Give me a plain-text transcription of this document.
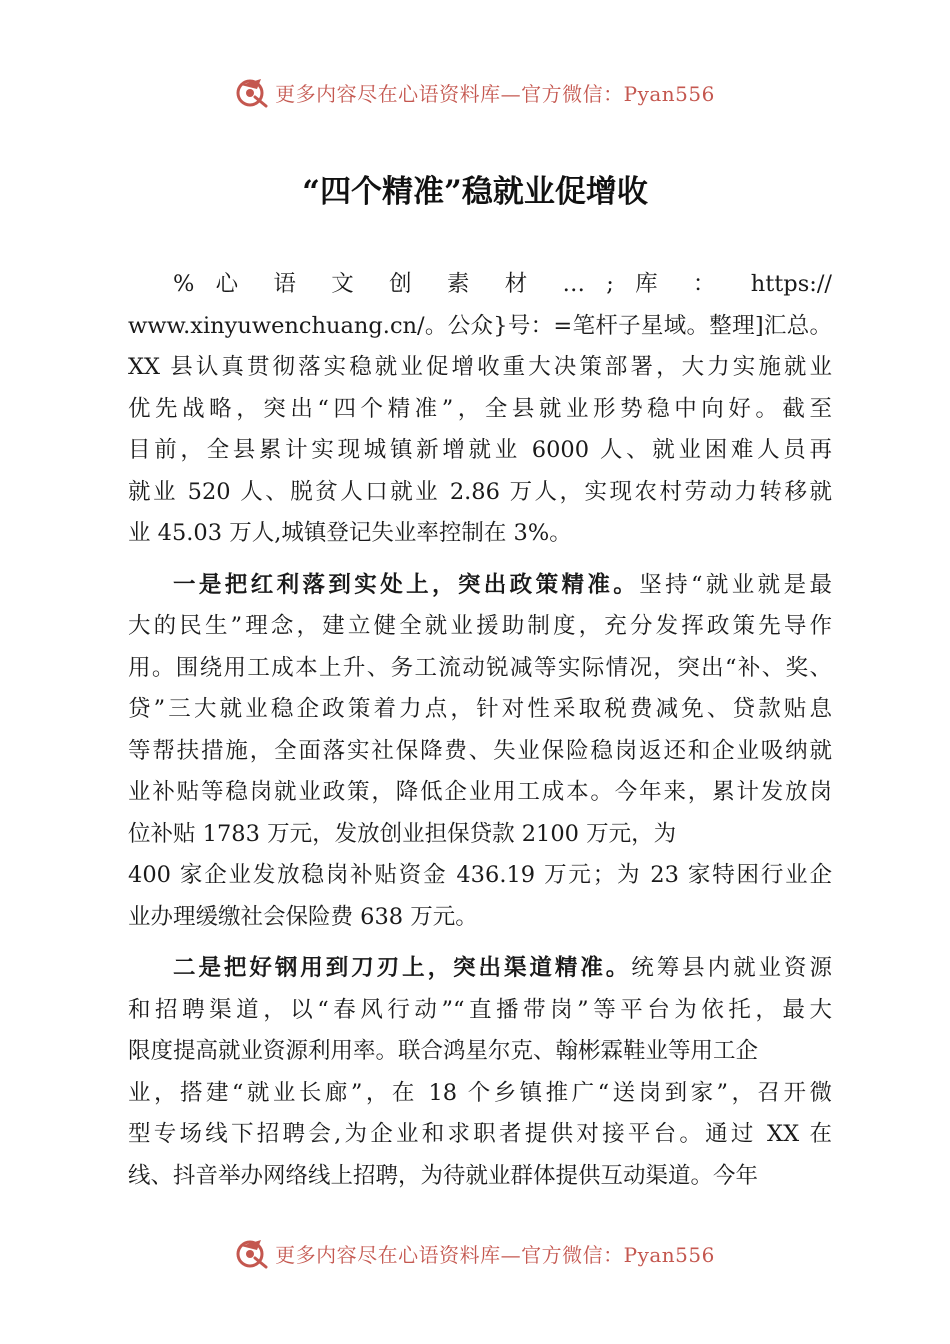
更多内容尽在心语资料库—官方微信：Pyan556
“四个精准”稳就业促增收
% 心 语 文 创 素 材 … ; 库 ： https://
www.xinyuwenchuang.cn/。公众}号：=笔杆子星域。整理]汇总。
XX 县认真贯彻落实稳就业促增收重大决策部署，大力实施就业
优先战略，突出“四个精准”，全县就业形势稳中向好。截至
目前，全县累计实现城镇新增就业 6000 人、就业困难人员再
就业 520 人、脱贫人口就业 2.86 万人，实现农村劳动力转移就
业 45.03 万人,城镇登记失业率控制在 3%。
一是把红利落到实处上，突出政策精准。坚持“就业就是最
大的民生”理念，建立健全就业援助制度，充分发挥政策先导作
用。围绕用工成本上升、务工流动锐减等实际情况，突出“补、奖、
贷”三大就业稳企政策着力点，针对性采取税费减免、贷款贴息
等帮扶措施，全面落实社保降费、失业保险稳岗返还和企业吸纳就
业补贴等稳岗就业政策，降低企业用工成本。今年来，累计发放岗
位补贴 1783 万元，发放创业担保贷款 2100 万元，为
400 家企业发放稳岗补贴资金 436.19 万元；为 23 家特困行业企
业办理缓缴社会保险费 638 万元。
二是把好钢用到刀刃上，突出渠道精准。统筹县内就业资源
和招聘渠道，以“春风行动”“直播带岗”等平台为依托，最大
限度提高就业资源利用率。联合鸿星尔克、翰彬霖鞋业等用工企
业，搭建“就业长廊”，在 18 个乡镇推广“送岗到家”，召开微
型专场线下招聘会,为企业和求职者提供对接平台。通过 XX 在
线、抖音举办网络线上招聘，为待就业群体提供互动渠道。今年
更多内容尽在心语资料库—官方微信：Pyan556
